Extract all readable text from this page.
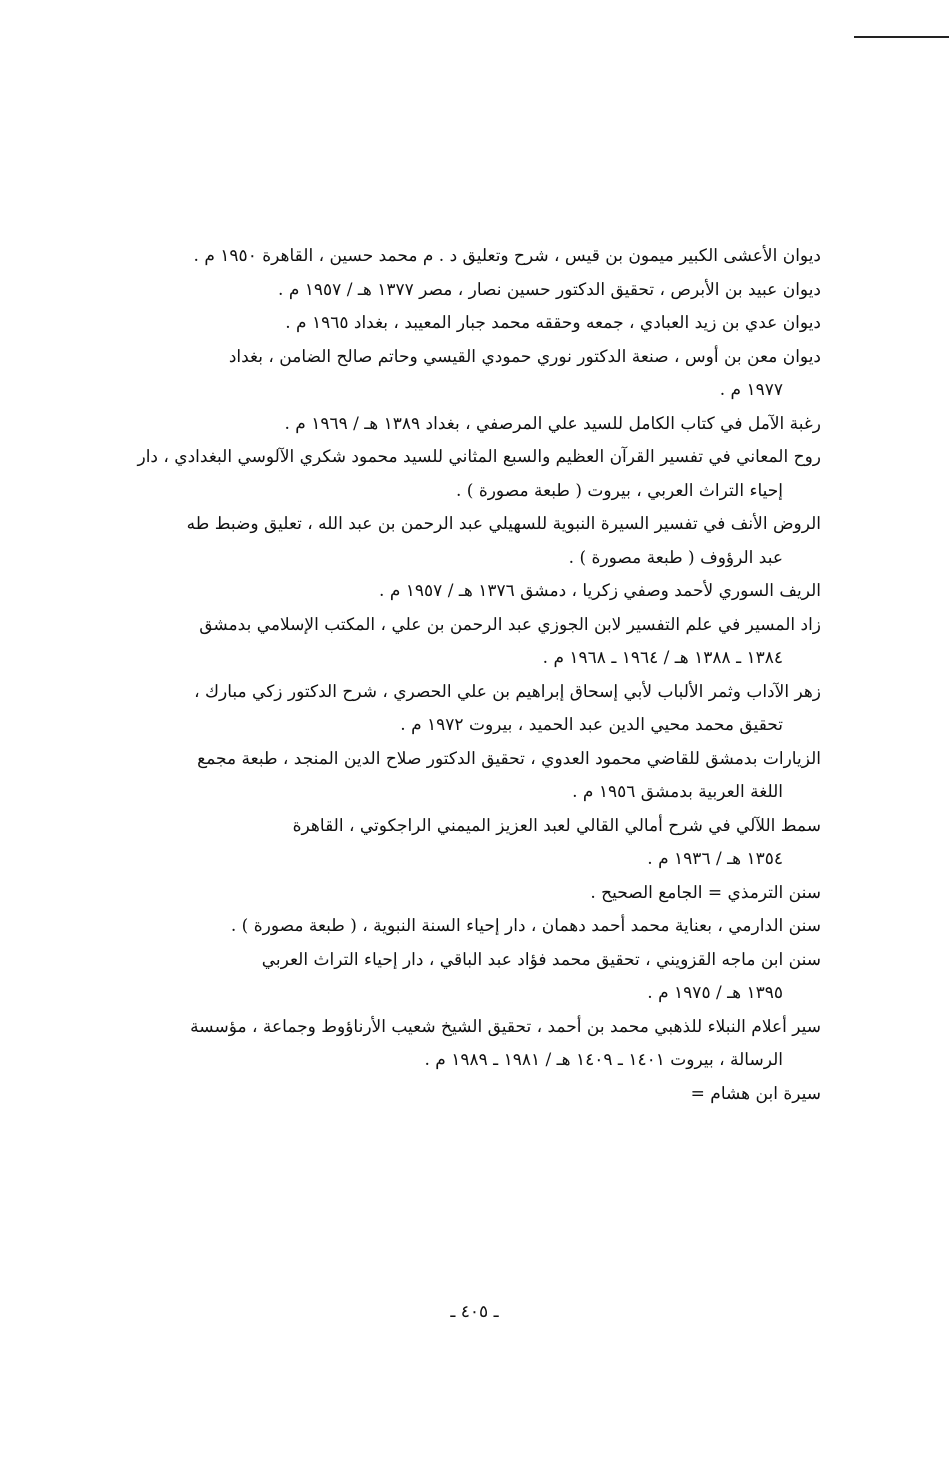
ديوان الأعشى الكبير ميمون بن قيس ، شرح وتعليق د . م محمد حسين ، القاهرة ١٩٥٠ م .
ديوان عبيد بن الأبرص ، تحقيق الدكتور حسين نصار ، مصر ١٣٧٧ هـ / ١٩٥٧ م .
ديوان عدي بن زيد العبادي ، جمعه وحققه محمد جبار المعيبد ، بغداد ١٩٦٥ م .
ديوان معن بن أوس ، صنعة الدكتور نوري حمودي القيسي وحاتم صالح الضامن ، بغداد
١٩٧٧ م .
رغبة الآمل في كتاب الكامل للسيد علي المرصفي ، بغداد ١٣٨٩ هـ / ١٩٦٩ م .
روح المعاني في تفسير القرآن العظيم والسبع المثاني للسيد محمود شكري الآلوسي البغدادي ، دار
إحياء التراث العربي ، بيروت ( طبعة مصورة ) .
الروض الأنف في تفسير السيرة النبوية للسهيلي عبد الرحمن بن عبد الله ، تعليق وضبط طه
عبد الرؤوف ( طبعة مصورة ) .
الريف السوري لأحمد وصفي زكريا ، دمشق ١٣٧٦ هـ / ١٩٥٧ م .
زاد المسير في علم التفسير لابن الجوزي عبد الرحمن بن علي ، المكتب الإسلامي بدمشق
١٣٨٤ ـ ١٣٨٨ هـ / ١٩٦٤ ـ ١٩٦٨ م .
زهر الآداب وثمر الألباب لأبي إسحاق إبراهيم بن علي الحصري ، شرح الدكتور زكي مبارك ،
تحقيق محمد محيي الدين عبد الحميد ، بيروت ١٩٧٢ م .
الزيارات بدمشق للقاضي محمود العدوي ، تحقيق الدكتور صلاح الدين المنجد ، طبعة مجمع
اللغة العربية بدمشق ١٩٥٦ م .
سمط اللآلي في شرح أمالي القالي لعبد العزيز الميمني الراجكوتي ، القاهرة
١٣٥٤ هـ / ١٩٣٦ م .
سنن الترمذي = الجامع الصحيح .
سنن الدارمي ، بعناية محمد أحمد دهمان ، دار إحياء السنة النبوية ، ( طبعة مصورة ) .
سنن ابن ماجه القزويني ، تحقيق محمد فؤاد عبد الباقي ، دار إحياء التراث العربي
١٣٩٥ هـ / ١٩٧٥ م .
سير أعلام النبلاء للذهبي محمد بن أحمد ، تحقيق الشيخ شعيب الأرناؤوط وجماعة ، مؤسسة
الرسالة ، بيروت ١٤٠١ ـ ١٤٠٩ هـ / ١٩٨١ ـ ١٩٨٩ م .
سيرة ابن هشام =
ـ ٤٠٥ ـ
